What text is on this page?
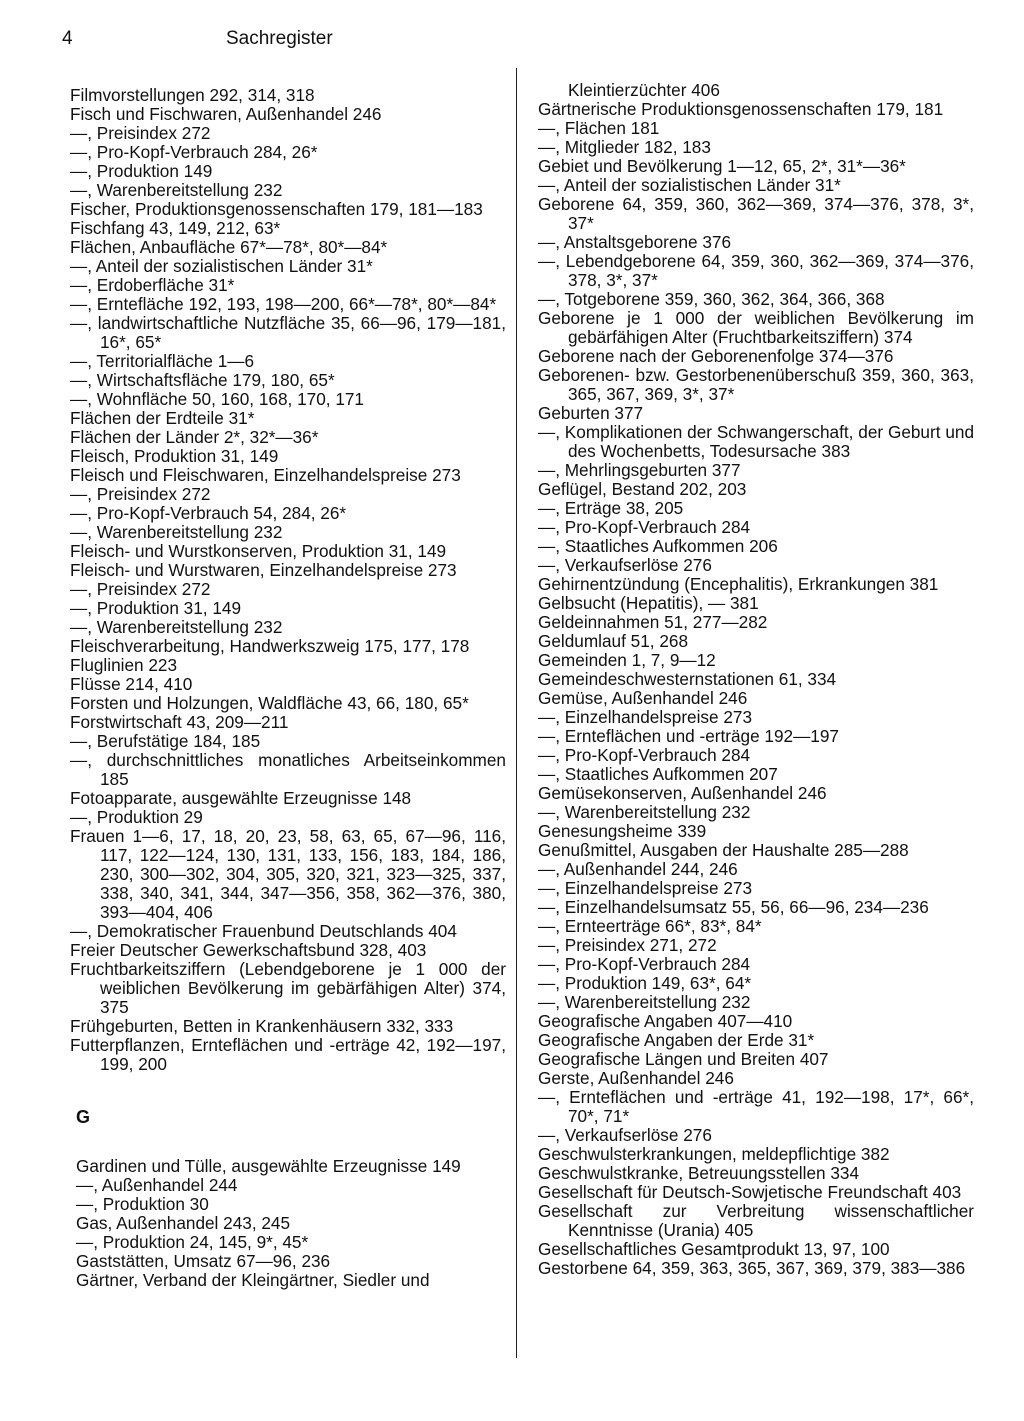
4	Sachregister

Filmvorstellungen 292, 314, 318

Fisch und Fischwaren, Außenhandel 246

—, Preisindex 272

—, Pro-Kopf-Verbrauch 284, 26*

—, Produktion 149

—, Warenbereitstellung 232

Fischer, Produktionsgenossenschaften 179, 181—183

Fischfang 43, 149, 212, 63*

Flächen, Anbaufläche 67*—78*, 80*—84*

—, Anteil der sozialistischen Länder 31*

—, Erdoberfläche 31*

—, Erntefläche 192, 193, 198—200, 66*—78*, 80*—84*

—, landwirtschaftliche Nutzfläche 35, 66—96, 179—181, 16*, 65*

—, Territorialfläche 1—6

—, Wirtschaftsfläche 179, 180, 65*

—, Wohnfläche 50, 160, 168, 170, 171

Flächen der Erdteile 31*

Flächen der Länder 2*, 32*—36*

Fleisch, Produktion 31, 149

Fleisch und Fleischwaren, Einzelhandelspreise 273

—, Preisindex 272

—, Pro-Kopf-Verbrauch 54, 284, 26*

—, Warenbereitstellung 232

Fleisch- und Wurstkonserven, Produktion 31, 149

Fleisch- und Wurstwaren, Einzelhandelspreise 273

—, Preisindex 272

—, Produktion 31, 149

—, Warenbereitstellung 232

Fleischverarbeitung, Handwerkszweig 175, 177, 178

Fluglinien 223

Flüsse 214, 410

Forsten und Holzungen, Waldfläche 43, 66, 180, 65*

Forstwirtschaft 43, 209—211

—, Berufstätige 184, 185

—, durchschnittliches monatliches Arbeitseinkommen 185

Fotoapparate, ausgewählte Erzeugnisse 148

—, Produktion 29

Frauen 1—6, 17, 18, 20, 23, 58, 63, 65, 67—96, 116, 117, 122—124, 130, 131, 133, 156, 183, 184, 186, 230, 300—302, 304, 305, 320, 321, 323—325, 337, 338, 340, 341, 344, 347—356, 358, 362—376, 380, 393—404, 406

—, Demokratischer Frauenbund Deutschlands 404

Freier Deutscher Gewerkschaftsbund 328, 403

Fruchtbarkeitsziffern (Lebendgeborene je 1 000 der weiblichen Bevölkerung im gebärfähigen Alter) 374, 375

Frühgeburten, Betten in Krankenhäusern 332, 333

Futterpflanzen, Ernteflächen und -erträge 42, 192—197, 199, 200

G

Gardinen und Tülle, ausgewählte Erzeugnisse 149

—, Außenhandel 244

—, Produktion 30

Gas, Außenhandel 243, 245

—, Produktion 24, 145, 9*, 45*

Gaststätten, Umsatz 67—96, 236

Gärtner, Verband der Kleingärtner, Siedler und

Kleintierzüchter 406

Gärtnerische Produktionsgenossenschaften 179, 181

—, Flächen 181

—, Mitglieder 182, 183

Gebiet und Bevölkerung 1—12, 65, 2*, 31*—36*

—, Anteil der sozialistischen Länder 31*

Geborene 64, 359, 360, 362—369, 374—376, 378, 3*, 37*

—, Anstaltsgeborene 376

—, Lebendgeborene 64, 359, 360, 362—369, 374—376, 378, 3*, 37*

—, Totgeborene 359, 360, 362, 364, 366, 368

Geborene je 1 000 der weiblichen Bevölkerung im gebärfähigen Alter (Fruchtbarkeitsziffern) 374

Geborene nach der Geborenenfolge 374—376

Geborenen- bzw. Gestorbenenüberschuß 359, 360, 363, 365, 367, 369, 3*, 37*

Geburten 377

—, Komplikationen der Schwangerschaft, der Geburt und des Wochenbetts, Todesursache 383

—, Mehrlingsgeburten 377

Geflügel, Bestand 202, 203

—, Erträge 38, 205

—, Pro-Kopf-Verbrauch 284

—, Staatliches Aufkommen 206

—, Verkaufserlöse 276

Gehirnentzündung (Encephalitis), Erkrankungen 381

Gelbsucht (Hepatitis), — 381

Geldeinnahmen 51, 277—282

Geldumlauf 51, 268

Gemeinden 1, 7, 9—12

Gemeindeschwesternstationen 61, 334

Gemüse, Außenhandel 246

—, Einzelhandelspreise 273

—, Ernteflächen und -erträge 192—197

—, Pro-Kopf-Verbrauch 284

—, Staatliches Aufkommen 207

Gemüsekonserven, Außenhandel 246

—, Warenbereitstellung 232

Genesungsheime 339

Genußmittel, Ausgaben der Haushalte 285—288

—, Außenhandel 244, 246

—, Einzelhandelspreise 273

—, Einzelhandelsumsatz 55, 56, 66—96, 234—236

—, Ernteerträge 66*, 83*, 84*

—, Preisindex 271, 272

—, Pro-Kopf-Verbrauch 284

—, Produktion 149, 63*, 64*

—, Warenbereitstellung 232

Geografische Angaben 407—410

Geografische Angaben der Erde 31*

Geografische Längen und Breiten 407

Gerste, Außenhandel 246

—, Ernteflächen und -erträge 41, 192—198, 17*, 66*, 70*, 71*

—, Verkaufserlöse 276

Geschwulsterkrankungen, meldepflichtige 382

Geschwulstkranke, Betreuungsstellen 334

Gesellschaft für Deutsch-Sowjetische Freundschaft 403

Gesellschaft zur Verbreitung wissenschaftlicher Kenntnisse (Urania) 405

Gesellschaftliches Gesamtprodukt 13, 97, 100

Gestorbene 64, 359, 363, 365, 367, 369, 379, 383—386
